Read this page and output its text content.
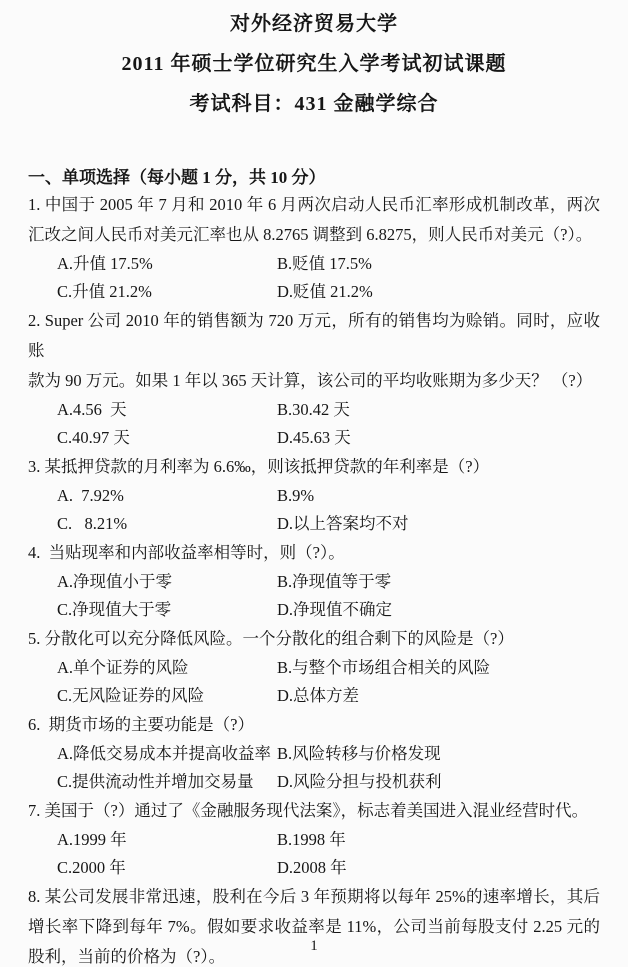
对外经济贸易大学
2011 年硕士学位研究生入学考试初试课题
考试科目：431 金融学综合
一、单项选择（每小题 1 分，共 10 分）
1. 中国于 2005 年 7 月和 2010 年 6 月两次启动人民币汇率形成机制改革，两次
汇改之间人民币对美元汇率也从 8.2765 调整到 6.8275，则人民币对美元（?）。
A.升值 17.5%	B.贬值 17.5%
C.升值 21.2%	D.贬值 21.2%
2. Super 公司 2010 年的销售额为 720 万元，所有的销售均为赊销。同时，应收账
款为 90 万元。如果 1 年以 365 天计算，该公司的平均收账期为多少天？ （?）
A.4.56  天	B.30.42 天
C.40.97 天	D.45.63 天
3. 某抵押贷款的月利率为 6.6‰，则该抵押贷款的年利率是（?）
A.  7.92%	B.9%
C.   8.21%	D.以上答案均不对
4.  当贴现率和内部收益率相等时，则（?）。
A.净现值小于零	B.净现值等于零
C.净现值大于零	D.净现值不确定
5. 分散化可以充分降低风险。一个分散化的组合剩下的风险是（?）
A.单个证券的风险	B.与整个市场组合相关的风险
C.无风险证券的风险	D.总体方差
6.  期货市场的主要功能是（?）
A.降低交易成本并提高收益率 B.风险转移与价格发现
C.提供流动性并增加交易量	D.风险分担与投机获利
7. 美国于（?）通过了《金融服务现代法案》，标志着美国进入混业经营时代。
A.1999 年	B.1998 年
C.2000 年	D.2008 年
8. 某公司发展非常迅速，股利在今后 3 年预期将以每年 25%的速率增长，其后
增长率下降到每年 7%。假如要求收益率是 11%，公司当前每股支付 2.25 元的
股利，当前的价格为（?）。
1
